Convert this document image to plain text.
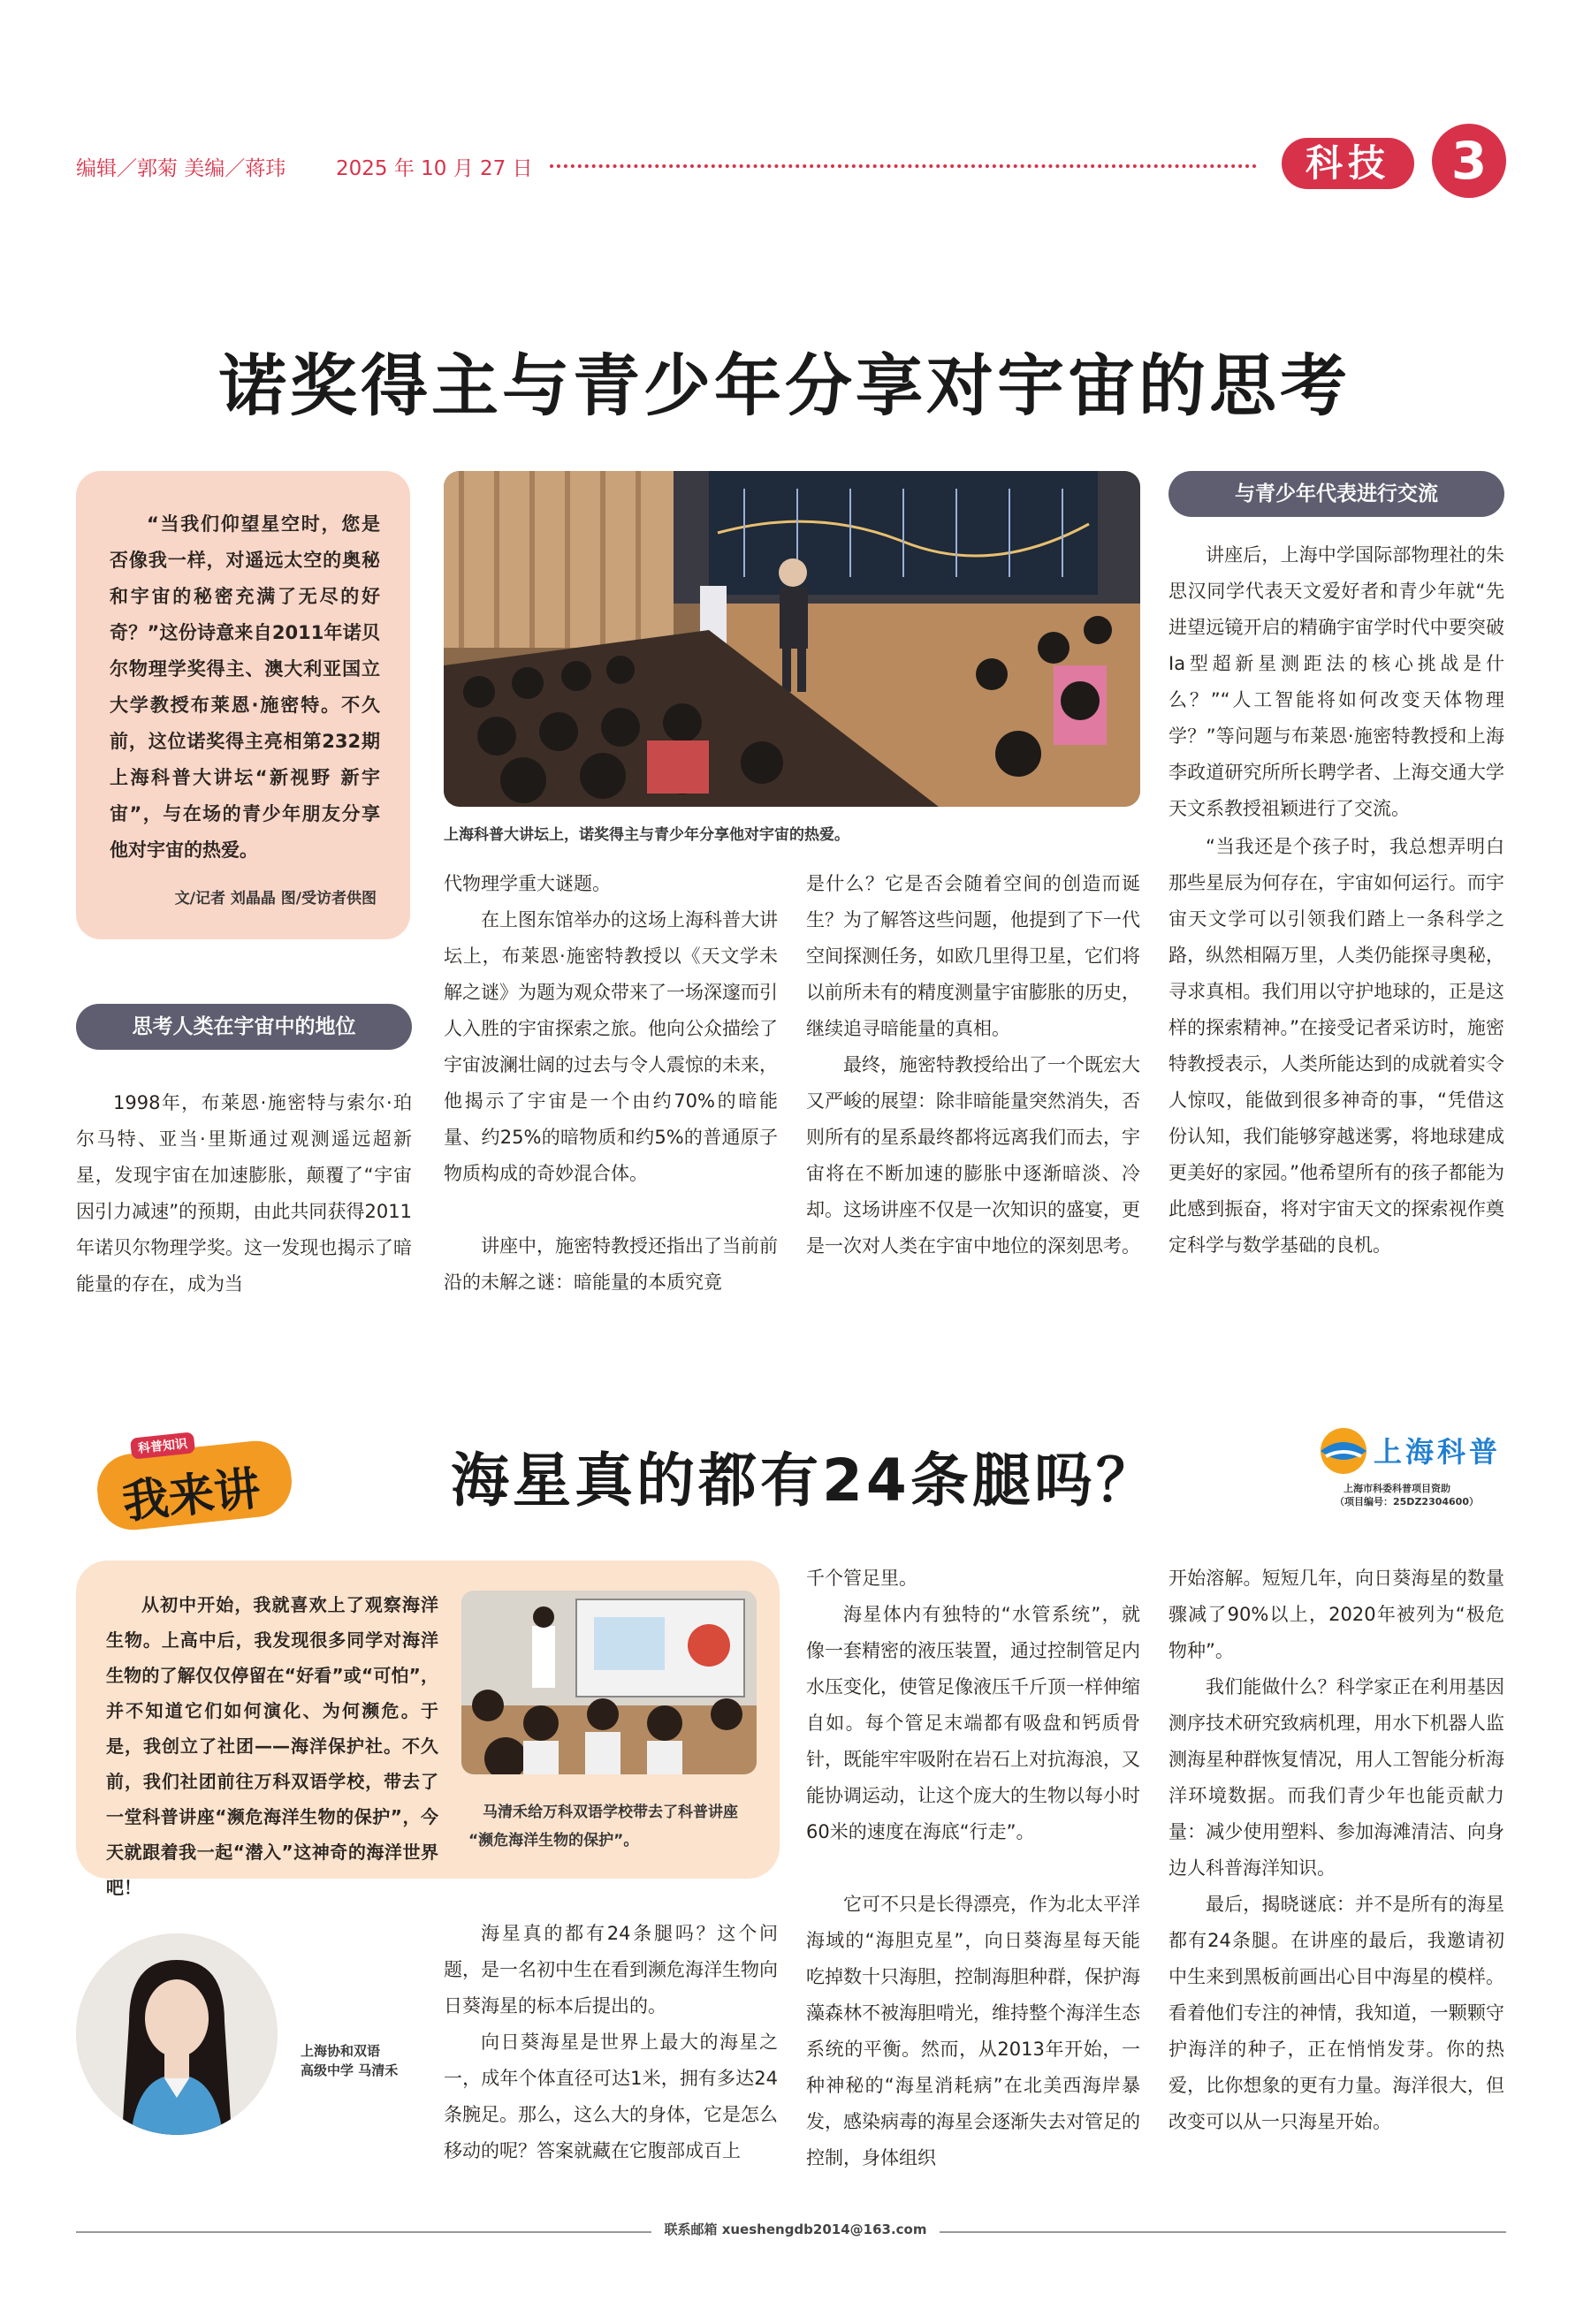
编辑／郭菊 美编／蒋玮 2025 年 10 月 27 日	科技	3
诺奖得主与青少年分享对宇宙的思考

“当我们仰望星空时，您是否像我一样，对遥远太空的奥秘和宇宙的秘密充满了无尽的好奇？”这份诗意来自2011年诺贝尔物理学奖得主、澳大利亚国立大学教授布莱恩·施密特。不久前，这位诺奖得主亮相第232期上海科普大讲坛“新视野 新宇宙”，与在场的青少年朋友分享他对宇宙的热爱。

文/记者 刘晶晶 图/受访者供图
思考人类在宇宙中的地位

1998年，布莱恩·施密特与索尔·珀尔马特、亚当·里斯通过观测遥远超新星，发现宇宙在加速膨胀，颠覆了“宇宙因引力减速”的预期，由此共同获得2011年诺贝尔物理学奖。这一发现也揭示了暗能量的存在，成为当

上海科普大讲坛上，诺奖得主与青少年分享他对宇宙的热爱。

代物理学重大谜题。

在上图东馆举办的这场上海科普大讲坛上，布莱恩·施密特教授以《天文学未解之谜》为题为观众带来了一场深邃而引人入胜的宇宙探索之旅。他向公众描绘了宇宙波澜壮阔的过去与令人震惊的未来，他揭示了宇宙是一个由约70%的暗能量、约25%的暗物质和约5%的普通原子物质构成的奇妙混合体。

讲座中，施密特教授还指出了当前前沿的未解之谜：暗能量的本质究竟

是什么？它是否会随着空间的创造而诞生？为了解答这些问题，他提到了下一代空间探测任务，如欧几里得卫星，它们将以前所未有的精度测量宇宙膨胀的历史，继续追寻暗能量的真相。

最终，施密特教授给出了一个既宏大又严峻的展望：除非暗能量突然消失，否则所有的星系最终都将远离我们而去，宇宙将在不断加速的膨胀中逐渐暗淡、冷却。这场讲座不仅是一次知识的盛宴，更是一次对人类在宇宙中地位的深刻思考。

与青少年代表进行交流

讲座后，上海中学国际部物理社的朱思汉同学代表天文爱好者和青少年就“先进望远镜开启的精确宇宙学时代中要突破Ia型超新星测距法的核心挑战是什么？”“人工智能将如何改变天体物理学？”等问题与布莱恩·施密特教授和上海李政道研究所所长聘学者、上海交通大学天文系教授祖颖进行了交流。

“当我还是个孩子时，我总想弄明白那些星辰为何存在，宇宙如何运行。而宇宙天文学可以引领我们踏上一条科学之路，纵然相隔万里，人类仍能探寻奥秘，寻求真相。我们用以守护地球的，正是这样的探索精神。”在接受记者采访时，施密特教授表示，人类所能达到的成就着实令人惊叹，能做到很多神奇的事，“凭借这份认知，我们能够穿越迷雾，将地球建成更美好的家园。”他希望所有的孩子都能为此感到振奋，将对宇宙天文的探索视作奠定科学与数学基础的良机。

科普知识
我来讲	海星真的都有24条腿吗？	上海科普
上海市科委科普项目资助
（项目编号：25DZ2304600）

从初中开始，我就喜欢上了观察海洋生物。上高中后，我发现很多同学对海洋生物的了解仅仅停留在“好看”或“可怕”，并不知道它们如何演化、为何濒危。于是，我创立了社团——海洋保护社。不久前，我们社团前往万科双语学校，带去了一堂科普讲座“濒危海洋生物的保护”，今天就跟着我一起“潜入”这神奇的海洋世界吧！

马清禾给万科双语学校带去了科普讲座
“濒危海洋生物的保护”。
上海协和双语
高级中学 马清禾

海星真的都有24条腿吗？这个问题，是一名初中生在看到濒危海洋生物向日葵海星的标本后提出的。

向日葵海星是世界上最大的海星之一，成年个体直径可达1米，拥有多达24条腕足。那么，这么大的身体，它是怎么移动的呢？答案就藏在它腹部成百上

千个管足里。

海星体内有独特的“水管系统”，就像一套精密的液压装置，通过控制管足内水压变化，使管足像液压千斤顶一样伸缩自如。每个管足末端都有吸盘和钙质骨针，既能牢牢吸附在岩石上对抗海浪，又能协调运动，让这个庞大的生物以每小时60米的速度在海底“行走”。

它可不只是长得漂亮，作为北太平洋海域的“海胆克星”，向日葵海星每天能吃掉数十只海胆，控制海胆种群，保护海藻森林不被海胆啃光，维持整个海洋生态系统的平衡。然而，从2013年开始，一种神秘的“海星消耗病”在北美西海岸暴发，感染病毒的海星会逐渐失去对管足的控制，身体组织

开始溶解。短短几年，向日葵海星的数量骤减了90%以上，2020年被列为“极危物种”。

我们能做什么？科学家正在利用基因测序技术研究致病机理，用水下机器人监测海星种群恢复情况，用人工智能分析海洋环境数据。而我们青少年也能贡献力量：减少使用塑料、参加海滩清洁、向身边人科普海洋知识。

最后，揭晓谜底：并不是所有的海星都有24条腿。在讲座的最后，我邀请初中生来到黑板前画出心目中海星的模样。看着他们专注的神情，我知道，一颗颗守护海洋的种子，正在悄悄发芽。你的热爱，比你想象的更有力量。海洋很大，但改变可以从一只海星开始。

联系邮箱 xueshengdb2014@163.com
